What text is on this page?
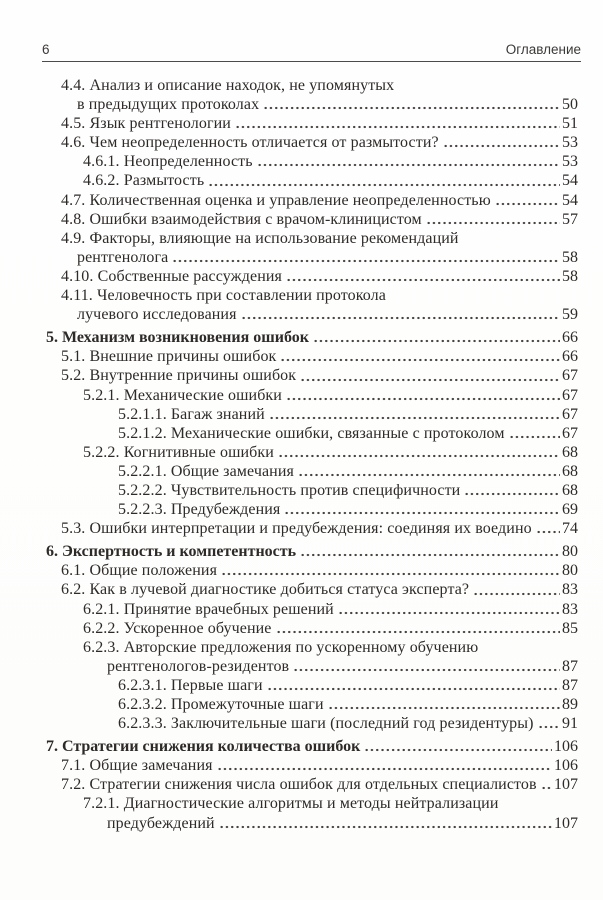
6	Оглавление
4.4. Анализ и описание находок, не упомянутых
в предыдущих протоколах	50
4.5. Язык рентгенологии	51
4.6. Чем неопределенность отличается от размытости?	53
4.6.1. Неопределенность	53
4.6.2. Размытость	54
4.7. Количественная оценка и управление неопределенностью	54
4.8. Ошибки взаимодействия с врачом-клиницистом	57
4.9. Факторы, влияющие на использование рекомендаций
рентгенолога	58
4.10. Собственные рассуждения	58
4.11. Человечность при составлении протокола
лучевого исследования	59
5. Механизм возникновения ошибок	66
5.1. Внешние причины ошибок	66
5.2. Внутренние причины ошибок	67
5.2.1. Механические ошибки	67
5.2.1.1. Багаж знаний	67
5.2.1.2. Механические ошибки, связанные с протоколом	67
5.2.2. Когнитивные ошибки	68
5.2.2.1. Общие замечания	68
5.2.2.2. Чувствительность против специфичности	68
5.2.2.3. Предубеждения	69
5.3. Ошибки интерпретации и предубеждения: соединяя их воедино 74
6. Экспертность и компетентность	80
6.1. Общие положения	80
6.2. Как в лучевой диагностике добиться статуса эксперта?	83
6.2.1. Принятие врачебных решений	83
6.2.2. Ускоренное обучение	85
6.2.3. Авторские предложения по ускоренному обучению
рентгенологов-резидентов	87
6.2.3.1. Первые шаги	87
6.2.3.2. Промежуточные шаги	89
6.2.3.3. Заключительные шаги (последний год резидентуры) 91
7. Стратегии снижения количества ошибок	106
7.1. Общие замечания	106
7.2. Стратегии снижения числа ошибок для отдельных специалистов 107
7.2.1. Диагностические алгоритмы и методы нейтрализации
предубеждений	107
